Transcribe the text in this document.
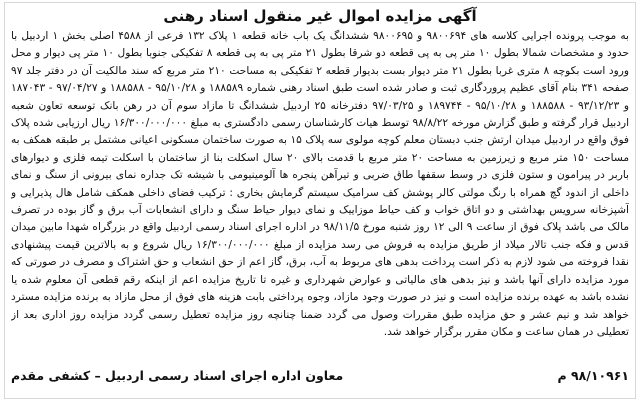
آگهی مزایده اموال غیر منقول اسناد رهنی

به موجب پرونده اجرایی کلاسه های ۹۸۰۰۶۹۴ و ۹۸۰۰۶۹۵ ششدانگ یک باب خانه قطعه ۱ پلاک ۱۳۲ فرعی از ۴۵۸۸ اصلی بخش ۱ اردبیل با حدود و مشخصات شمالا بطول ۱۰ متر پی به پی قطعه دو شرقا بطول ۲۱ متر پی به پی قطعه ۸ تفکیکی جنوبا بطول ۱۰ متر پی دیوار و محل ورود است بکوچه ۸ متری غربا بطول ۲۱ متر دیوار بست بدیوار قطعه ۲ تفکیکی به مساحت ۲۱۰ متر مربع که سند مالکیت آن در دفتر جلد ۹۷ صفحه ۳۴۱ بنام آقای عظیم پروردگاری ثبت و صادر شده است طبق اسناد رهنی شماره ۱۸۸۵۸۹ و ۹۵/۱۰/۲۸ - ۱۸۸۵۸۸ و ۹۷/۰۴/۲۷ - ۱۸۷۰۴۳ و ۹۳/۱۲/۲۳ - ۱۸۸۵۸۸ و ۹۵/۱۰/۲۸ - ۱۸۹۷۴۴ و ۹۷/۰۳/۲۵ دفترخانه ۲۵ اردبیل ششدانگ تا مازاد سوم آن در رهن بانک توسعه تعاون شعبه اردبیل قرار گرفته و طبق گزارش مورخه ۹۸/۸/۲۲ توسط هیات کارشناسان رسمی دادگستری به مبلغ ۱۶/۳۰۰/۰۰۰/۰۰۰ ریال ارزیابی شده پلاک فوق واقع در اردبیل میدان ارتش جنب دبستان معلم کوچه مولوی سه پلاک ۱۵ به صورت ساختمان مسکونی اعیانی مشتمل بر طبقه همکف به مساحت ۱۵۰ متر مربع و زیرزمین به مساحت ۲۰ متر مربع با قدمت بالای ۲۰ سال اسکلت بنا از ساختمان با اسکلت تیمه فلزی و دیوارهای باربر در پیرامون و ستون فلزی در وسط سقفها طاق ضربی و تیرآهن پنجره ها آلومینیومی با شیشه تک جداره نمای بیرونی از سنگ و نمای داخلی از اندود گچ همراه با رنگ مولتی کالر پوشش کف سرامیک سیستم گرمایش بخاری : ترکیب فضای داخلی همکف شامل هال پذیرایی و آشپزخانه سرویس بهداشتی و دو اتاق خواب و کف حیاط موزاییک و نمای دیوار حیاط سنگ و دارای انشعابات آب برق و گاز بوده در تصرف مالک می باشد پلاک فوق از ساعت ۹ الی ۱۲ روز شنبه مورخ ۹۸/۱۱/۵ در اداره اجرای اسناد رسمی اردبیل واقع در بزرگراه شهدا مابین میدان قدس و فکه جنب تالار میلاد از طریق مزایده به فروش می رسد مزایده از مبلغ ۱۶/۳۰۰/۰۰۰/۰۰۰ ریال شروع و به بالاترین قیمت پیشنهادی نقدا فروخته می شود لازم به ذکر است پرداخت بدهی های مربوط به آب، برق، گاز اعم از حق انشعاب و حق اشتراک و مصرف در صورتی که مورد مزایده دارای آنها باشد و نیز بدهی های مالیاتی و عوارض شهرداری و غیره تا تاریخ مزایده اعم از اینکه رقم قطعی آن معلوم شده یا نشده باشد به عهده برنده مزایده است و نیز در صورت وجود مازاد، وجوه پرداختی بابت هزینه های فوق از محل مازاد به برنده مزایده مسترد خواهد شد و نیم عشر و حق مزایده طبق مقررات وصول می گردد ضمنا چنانچه روز مزایده تعطیل رسمی گردد مزایده روز اداری بعد از تعطیلی در همان ساعت و مکان مقرر برگزار خواهد شد.

۹۸/۱۰۹۶۱ م
معاون اداره اجرای اسناد رسمی اردبیل – کشفی مقدم
